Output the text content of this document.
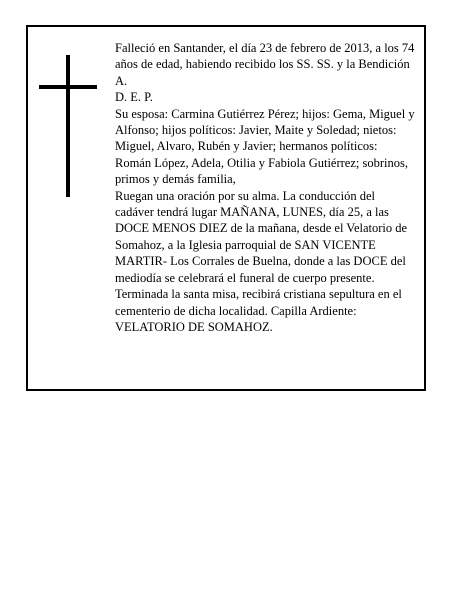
Falleció en Santander, el día 23 de febrero de 2013, a los 74 años de edad, habiendo recibido los SS. SS. y la Bendición A.

D. E. P.

Su esposa: Carmina Gutiérrez Pérez; hijos: Gema, Miguel y Alfonso; hijos políticos: Javier, Maite y Soledad; nietos: Miguel, Alvaro, Rubén y Javier; hermanos políticos: Román López, Adela, Otilia y Fabiola Gutiérrez; sobrinos, primos y demás familia,

Ruegan una oración por su alma. La conducción del cadáver tendrá lugar MAÑANA, LUNES, día 25, a las DOCE MENOS DIEZ de la mañana, desde el Velatorio de Somahoz, a la Iglesia parroquial de SAN VICENTE MARTIR- Los Corrales de Buelna, donde a las DOCE del mediodía se celebrará el funeral de cuerpo presente. Terminada la santa misa, recibirá cristiana sepultura en el cementerio de dicha localidad. Capilla Ardiente: VELATORIO DE SOMAHOZ.
